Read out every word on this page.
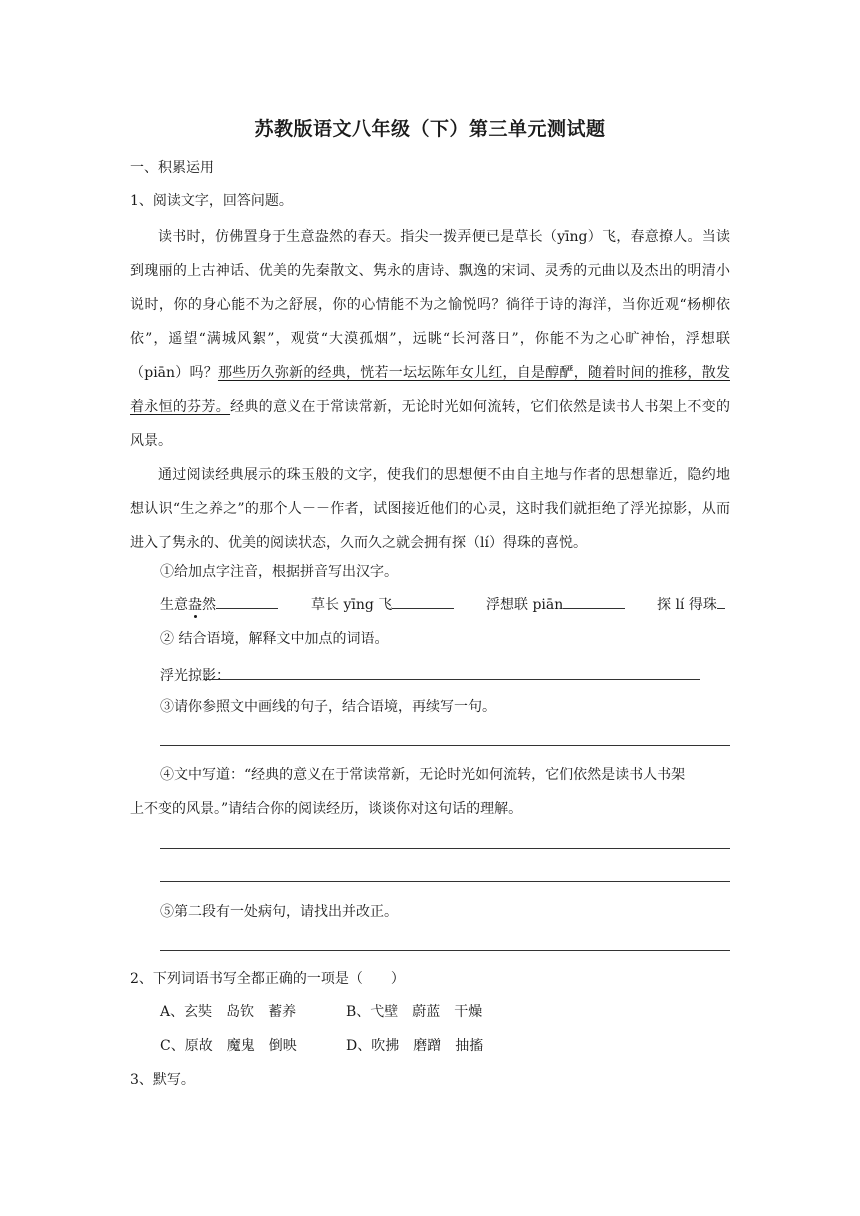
苏教版语文八年级（下）第三单元测试题
一、积累运用
1、阅读文字，回答问题。
读书时，仿佛置身于生意盎然的春天。指尖一拨弄便已是草长（yīng）飞，春意撩人。当读到瑰丽的上古神话、优美的先秦散文、隽永的唐诗、飘逸的宋词、灵秀的元曲以及杰出的明清小说时，你的身心能不为之舒展，你的心情能不为之愉悦吗？徜徉于诗的海洋，当你近观“杨柳依依”，遥望“满城风絮”，观赏“大漠孤烟”，远眺“长河落日”，你能不为之心旷神怡，浮想联（piān）吗？那些历久弥新的经典，恍若一坛坛陈年女儿红，自是醇酽，随着时间的推移，散发着永恒的芬芳。经典的意义在于常读常新，无论时光如何流转，它们依然是读书人书架上不变的风景。
通过阅读经典展示的珠玉般的文字，使我们的思想便不由自主地与作者的思想靠近，隐约地想认识“生之养之”的那个人－－作者，试图接近他们的心灵，这时我们就拒绝了浮光掠影，从而进入了隽永的、优美的阅读状态，久而久之就会拥有探（lí）得珠的喜悦。
①给加点字注音，根据拼音写出汉字。
生意盎然	草长 yīng 飞	浮想联 piān	探 lí 得珠
② 结合语境，解释文中加点的词语。
浮光掠影：
③请你参照文中画线的句子，结合语境，再续写一句。
④文中写道：“经典的意义在于常读常新，无论时光如何流转，它们依然是读书人书架
上不变的风景。”请结合你的阅读经历，谈谈你对这句话的理解。
⑤第二段有一处病句，请找出并改正。
2、下列词语书写全都正确的一项是（　　）
A、玄奘　岛钦　蓄养	B、弋壁　蔚蓝　干燥
C、原故　魔鬼　倒映	D、吹拂　磨蹭　抽搐
3、默写。
